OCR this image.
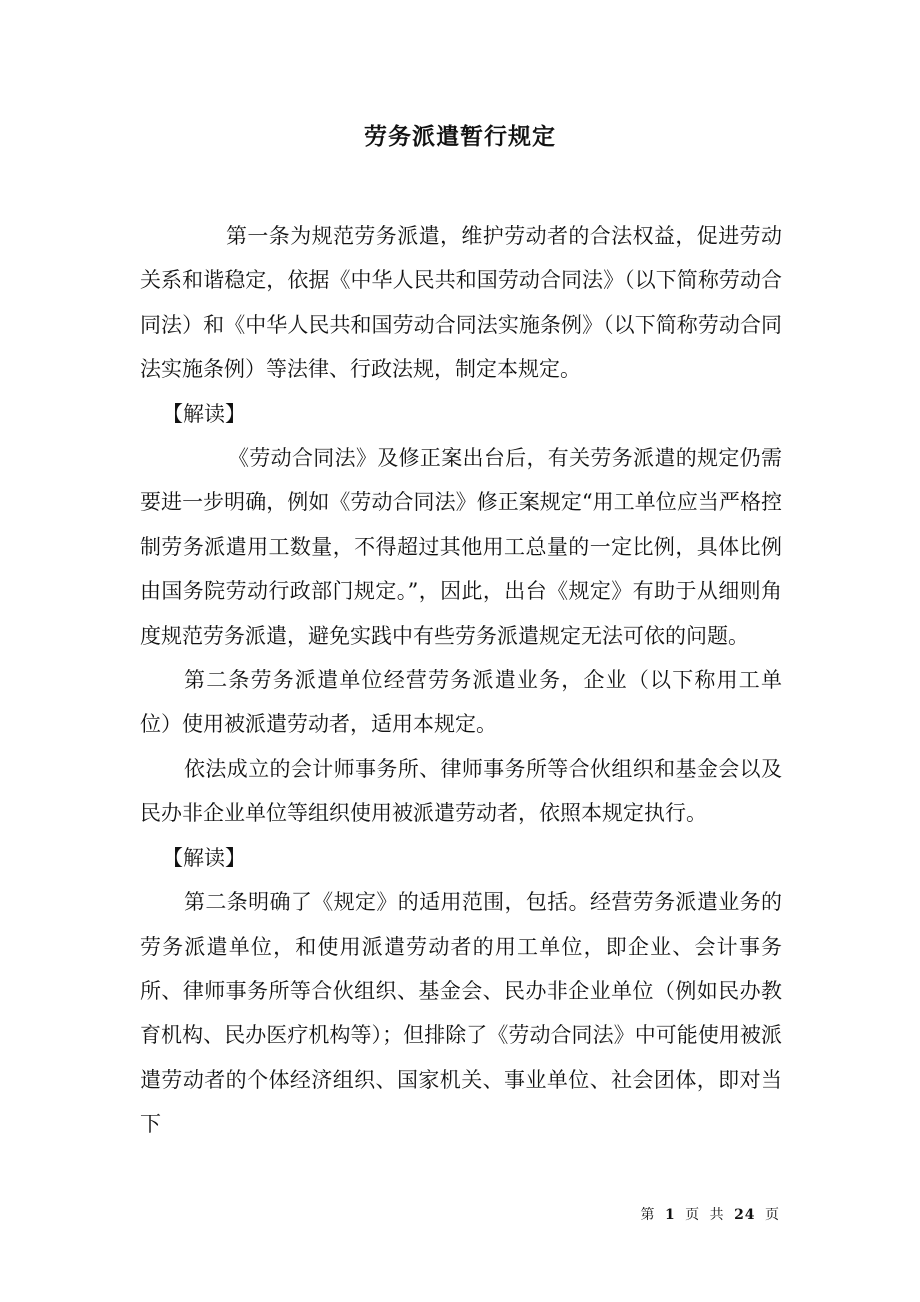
劳务派遣暂行规定

第一条为规范劳务派遣，维护劳动者的合法权益，促进劳动关系和谐稳定，依据《中华人民共和国劳动合同法》（以下简称劳动合同法）和《中华人民共和国劳动合同法实施条例》（以下简称劳动合同法实施条例）等法律、行政法规，制定本规定。

【解读】

《劳动合同法》及修正案出台后，有关劳务派遣的规定仍需要进一步明确，例如《劳动合同法》修正案规定“用工单位应当严格控制劳务派遣用工数量，不得超过其他用工总量的一定比例，具体比例由国务院劳动行政部门规定。”，因此，出台《规定》有助于从细则角度规范劳务派遣，避免实践中有些劳务派遣规定无法可依的问题。

第二条劳务派遣单位经营劳务派遣业务，企业（以下称用工单位）使用被派遣劳动者，适用本规定。

依法成立的会计师事务所、律师事务所等合伙组织和基金会以及民办非企业单位等组织使用被派遣劳动者，依照本规定执行。

【解读】

第二条明确了《规定》的适用范围，包括。经营劳务派遣业务的劳务派遣单位，和使用派遣劳动者的用工单位，即企业、会计事务所、律师事务所等合伙组织、基金会、民办非企业单位（例如民办教育机构、民办医疗机构等）；但排除了《劳动合同法》中可能使用被派遣劳动者的个体经济组织、国家机关、事业单位、社会团体，即对当下

第 1 页 共 24 页
